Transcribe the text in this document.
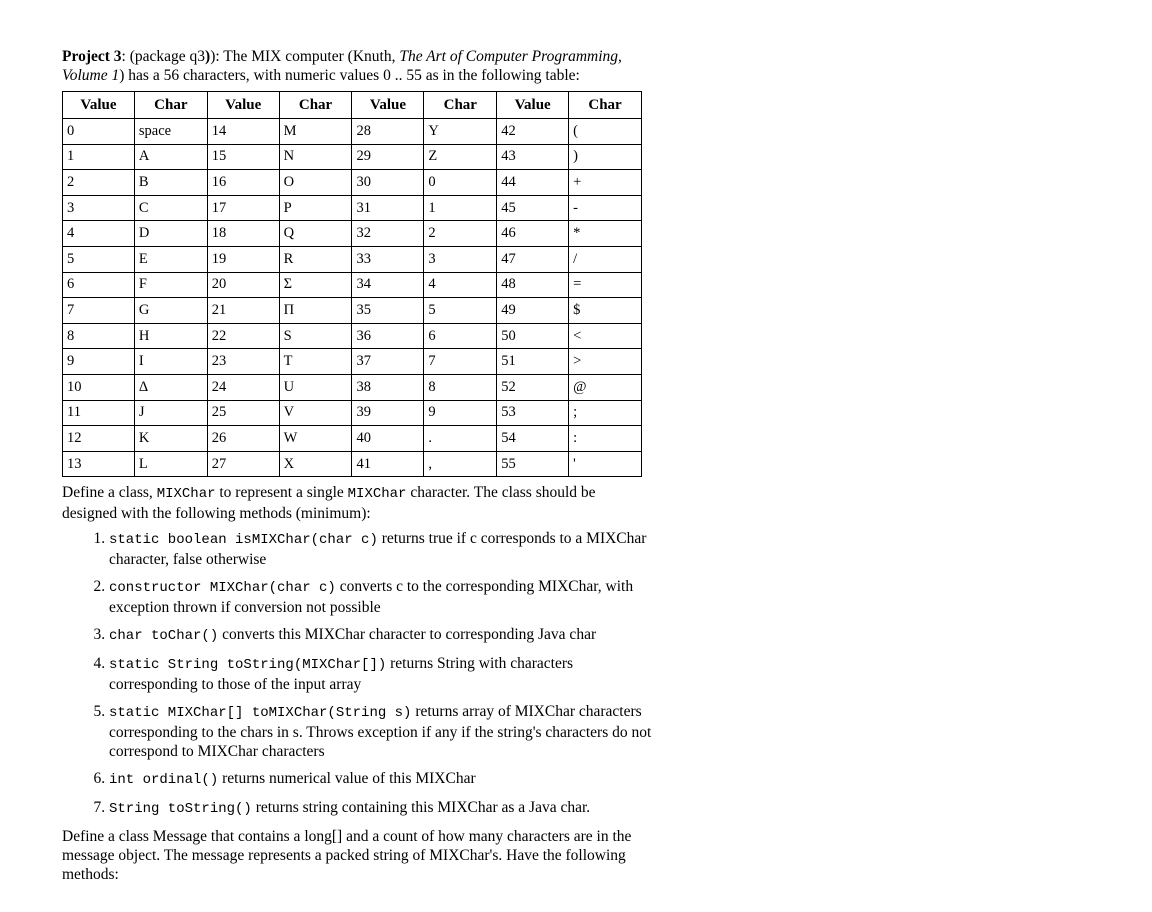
Project 3: (package q3)): The MIX computer (Knuth, The Art of Computer Programming, Volume 1) has a 56 characters, with numeric values 0 .. 55 as in the following table:

Value	Char	Value	Char	Value	Char	Value	Char
0	space	14	M	28	Y	42	(
1	A	15	N	29	Z	43	)
2	B	16	O	30	0	44	+
3	C	17	P	31	1	45	-
4	D	18	Q	32	2	46	*
5	E	19	R	33	3	47	/
6	F	20	Σ	34	4	48	=
7	G	21	Π	35	5	49	$
8	H	22	S	36	6	50	<
9	I	23	T	37	7	51	>
10	Δ	24	U	38	8	52	@
11	J	25	V	39	9	53	;
12	K	26	W	40	.	54	:
13	L	27	X	41	,	55	'

Define a class, MIXChar to represent a single MIXChar character. The class should be designed with the following methods (minimum):

1. static boolean isMIXChar(char c) returns true if c corresponds to a MIXChar character, false otherwise
2. constructor MIXChar(char c) converts c to the corresponding MIXChar, with exception thrown if conversion not possible
3. char toChar() converts this MIXChar character to corresponding Java char
4. static String toString(MIXChar[]) returns String with characters corresponding to those of the input array
5. static MIXChar[] toMIXChar(String s) returns array of MIXChar characters corresponding to the chars in s. Throws exception if any if the string's characters do not correspond to MIXChar characters
6. int ordinal() returns numerical value of this MIXChar
7. String toString() returns string containing this MIXChar as a Java char.

Define a class Message that contains a long[] and a count of how many characters are in the message object. The message represents a packed string of MIXChar's. Have the following methods:
